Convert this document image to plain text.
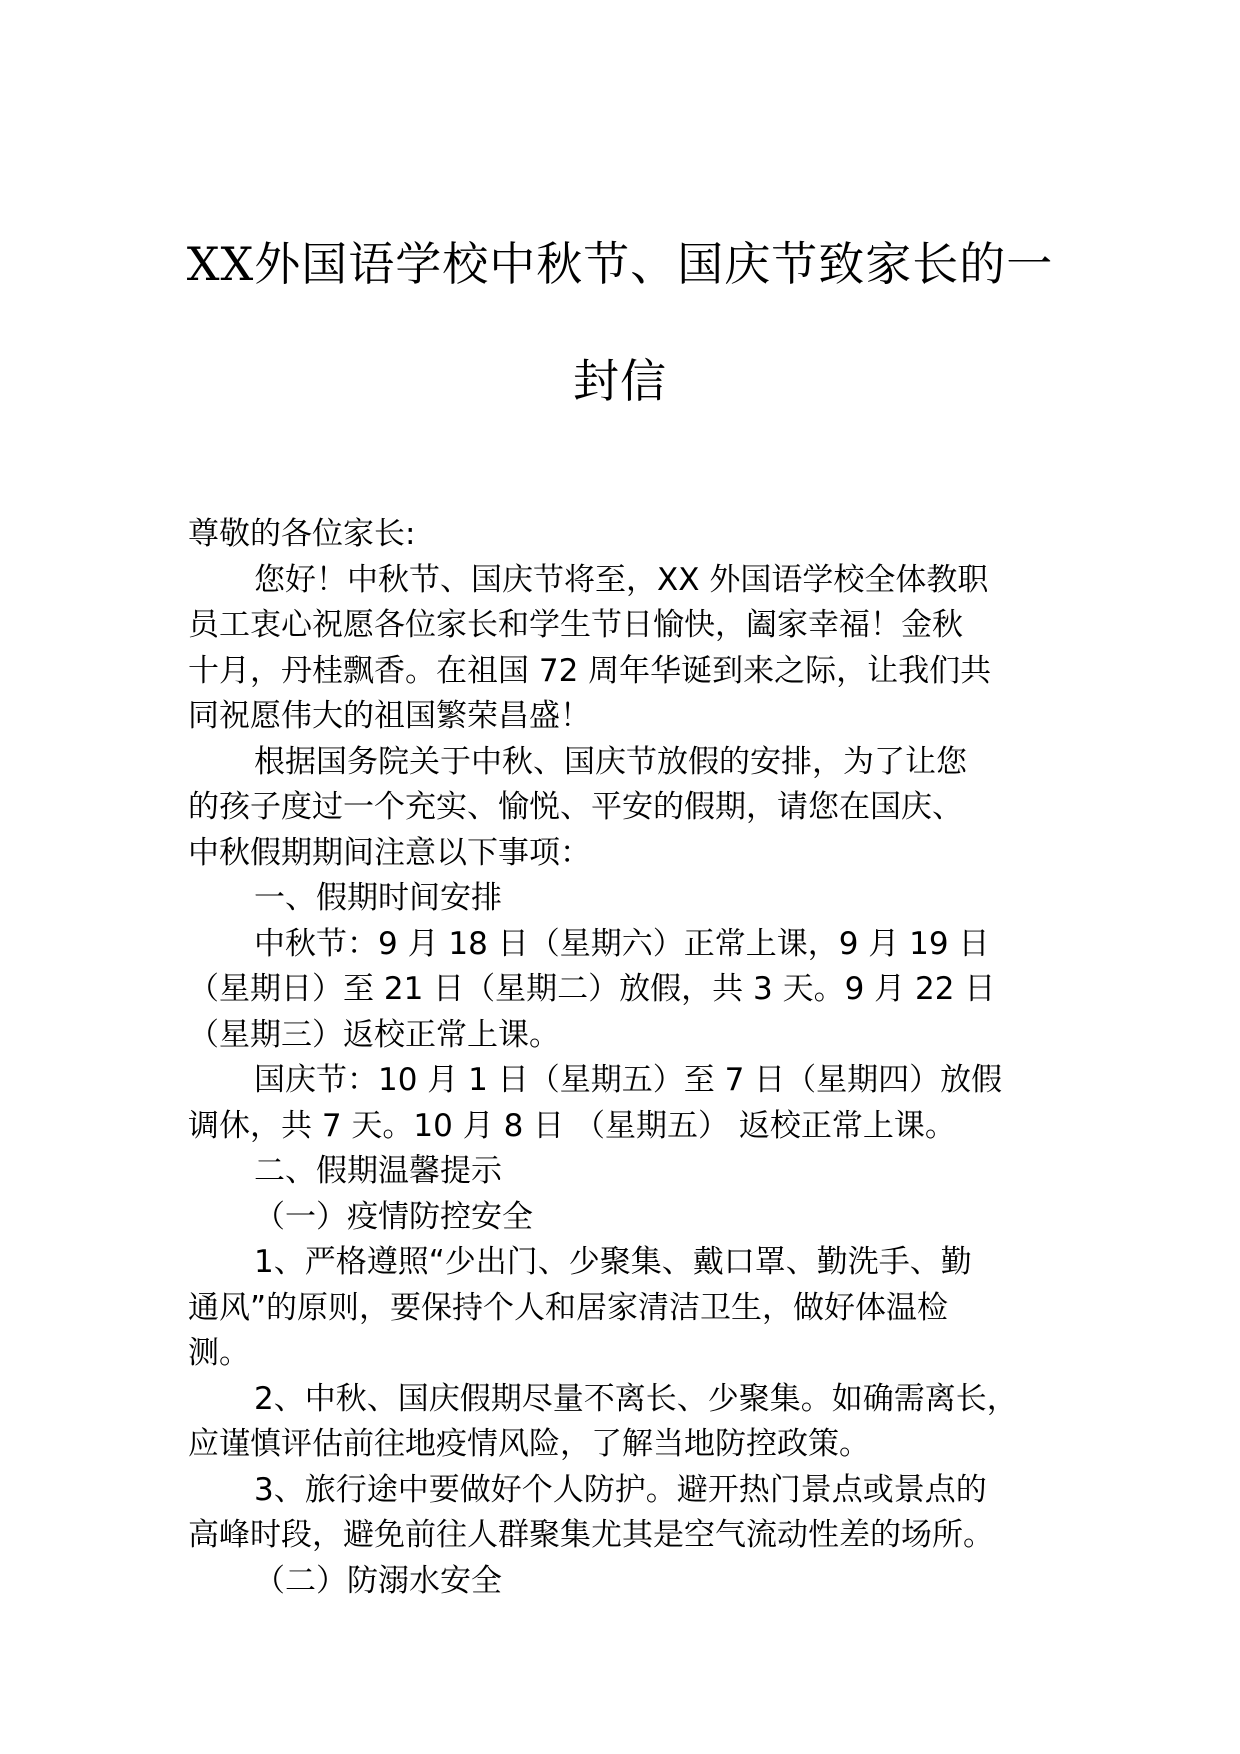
XX外国语学校中秋节、国庆节致家长的一
封信
尊敬的各位家长:
您好！中秋节、国庆节将至，XX 外国语学校全体教职
员工衷心祝愿各位家长和学生节日愉快，阖家幸福！金秋
十月，丹桂飘香。在祖国 72 周年华诞到来之际，让我们共
同祝愿伟大的祖国繁荣昌盛！
根据国务院关于中秋、国庆节放假的安排，为了让您
的孩子度过一个充实、愉悦、平安的假期，请您在国庆、
中秋假期期间注意以下事项：
一、假期时间安排
中秋节：9 月 18 日（星期六）正常上课，9 月 19 日
（星期日）至 21 日（星期二）放假，共 3 天。9 月 22 日
（星期三）返校正常上课。
国庆节：10 月 1 日（星期五）至 7 日（星期四）放假
调休，共 7 天。10 月 8 日 （星期五） 返校正常上课。
二、假期温馨提示
（一）疫情防控安全
1、严格遵照“少出门、少聚集、戴口罩、勤洗手、勤
通风”的原则，要保持个人和居家清洁卫生，做好体温检
测。
2、中秋、国庆假期尽量不离长、少聚集。如确需离长，
应谨慎评估前往地疫情风险，了解当地防控政策。
3、旅行途中要做好个人防护。避开热门景点或景点的
高峰时段，避免前往人群聚集尤其是空气流动性差的场所。
（二）防溺水安全
